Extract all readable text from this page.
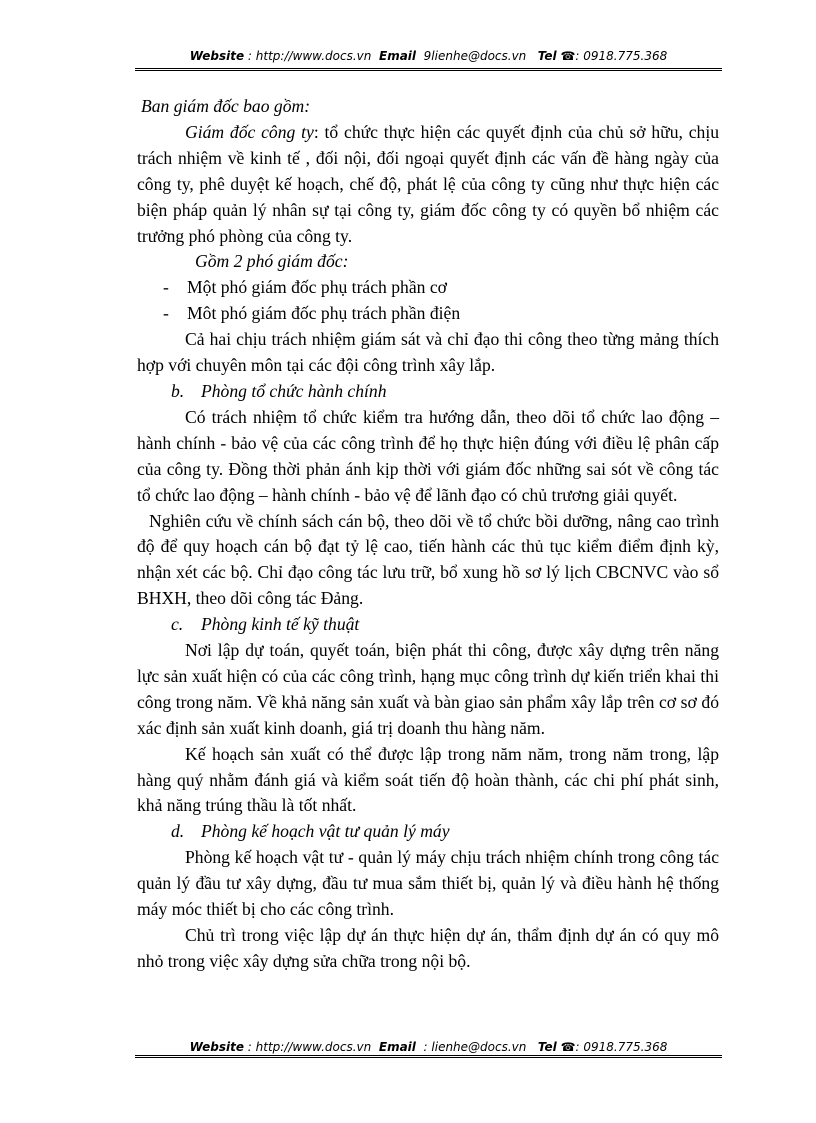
Website : http://www.docs.vn Email 9lienhe@docs.vn Tel ☎: 0918.775.368

Ban giám đốc bao gồm:

Giám đốc công ty: tổ chức thực hiện các quyết định của chủ sở hữu, chịu trách nhiệm về kinh tế , đối nội, đối ngoại quyết định các vấn đề hàng ngày của công ty, phê duyệt kế hoạch, chế độ, phát lệ của công ty cũng như thực hiện các biện pháp quản lý nhân sự tại công ty, giám đốc công ty có quyền bổ nhiệm các trưởng phó phòng của công ty.

Gồm 2 phó giám đốc:

-	Một phó giám đốc phụ trách phần cơ
-	Môt phó giám đốc phụ trách phần điện

Cả hai chịu trách nhiệm giám sát và chỉ đạo thi công theo từng mảng thích hợp với chuyên môn tại các đội công trình xây lắp.

b. Phòng tổ chức hành chính

Có trách nhiệm tổ chức kiểm tra hướng dẫn, theo dõi tổ chức lao động – hành chính - bảo vệ của các công trình để họ thực hiện đúng với điều lệ phân cấp của công ty. Đồng thời phản ánh kịp thời với giám đốc những sai sót về công tác tổ chức lao động – hành chính - bảo vệ để lãnh đạo có chủ trương giải quyết.

Nghiên cứu về chính sách cán bộ, theo dõi về tổ chức bồi dưỡng, nâng cao trình độ để quy hoạch cán bộ đạt tỷ lệ cao, tiến hành các thủ tục kiểm điểm định kỳ, nhận xét các bộ. Chỉ đạo công tác lưu trữ, bổ xung hồ sơ lý lịch CBCNVC vào sổ BHXH, theo dõi công tác Đảng.

c. Phòng kinh tế kỹ thuật

Nơi lập dự toán, quyết toán, biện phát thi công, được xây dựng trên năng lực sản xuất hiện có của các công trình, hạng mục công trình dự kiến triển khai thi công trong năm. Về khả năng sản xuất và bàn giao sản phẩm xây lắp trên cơ sơ đó xác định sản xuất kinh doanh, giá trị doanh thu hàng năm.

Kế hoạch sản xuất có thể được lập trong năm năm, trong năm trong, lập hàng quý nhằm đánh giá và kiểm soát tiến độ hoàn thành, các chi phí phát sinh, khả năng trúng thầu là tốt nhất.

d. Phòng kế hoạch vật tư quản lý máy

Phòng kế hoạch vật tư - quản lý máy chịu trách nhiệm chính trong công tác quản lý đầu tư xây dựng, đầu tư mua sắm thiết bị, quản lý và điều hành hệ thống máy móc thiết bị cho các công trình.

Chủ trì trong việc lập dự án thực hiện dự án, thẩm định dự án có quy mô nhỏ trong việc xây dựng sửa chữa trong nội bộ.

Website : http://www.docs.vn Email : lienhe@docs.vn Tel ☎: 0918.775.368
